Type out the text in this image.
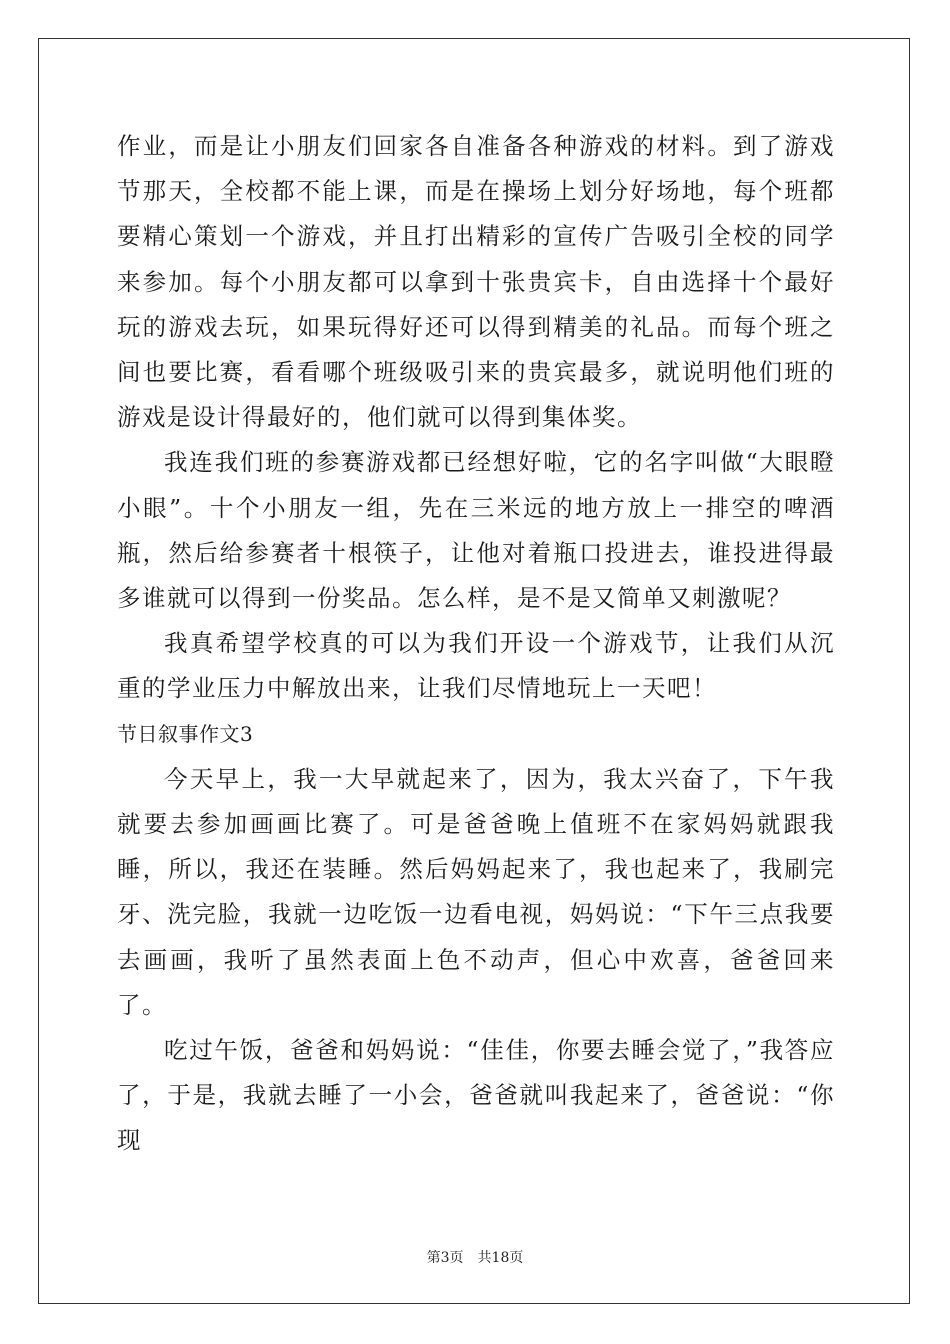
作业，而是让小朋友们回家各自准备各种游戏的材料。到了游戏节那天，全校都不能上课，而是在操场上划分好场地，每个班都要精心策划一个游戏，并且打出精彩的宣传广告吸引全校的同学来参加。每个小朋友都可以拿到十张贵宾卡，自由选择十个最好玩的游戏去玩，如果玩得好还可以得到精美的礼品。而每个班之间也要比赛，看看哪个班级吸引来的贵宾最多，就说明他们班的游戏是设计得最好的，他们就可以得到集体奖。

我连我们班的参赛游戏都已经想好啦，它的名字叫做“大眼瞪小眼”。十个小朋友一组，先在三米远的地方放上一排空的啤酒瓶，然后给参赛者十根筷子，让他对着瓶口投进去，谁投进得最多谁就可以得到一份奖品。怎么样，是不是又简单又刺激呢？

我真希望学校真的可以为我们开设一个游戏节，让我们从沉重的学业压力中解放出来，让我们尽情地玩上一天吧！

节日叙事作文3

今天早上，我一大早就起来了，因为，我太兴奋了，下午我就要去参加画画比赛了。可是爸爸晚上值班不在家妈妈就跟我睡，所以，我还在装睡。然后妈妈起来了，我也起来了，我刷完牙、洗完脸，我就一边吃饭一边看电视，妈妈说：“下午三点我要去画画，我听了虽然表面上色不动声，但心中欢喜，爸爸回来了。

吃过午饭，爸爸和妈妈说：“佳佳，你要去睡会觉了，”我答应了，于是，我就去睡了一小会，爸爸就叫我起来了，爸爸说：“你现

第3页 共18页
